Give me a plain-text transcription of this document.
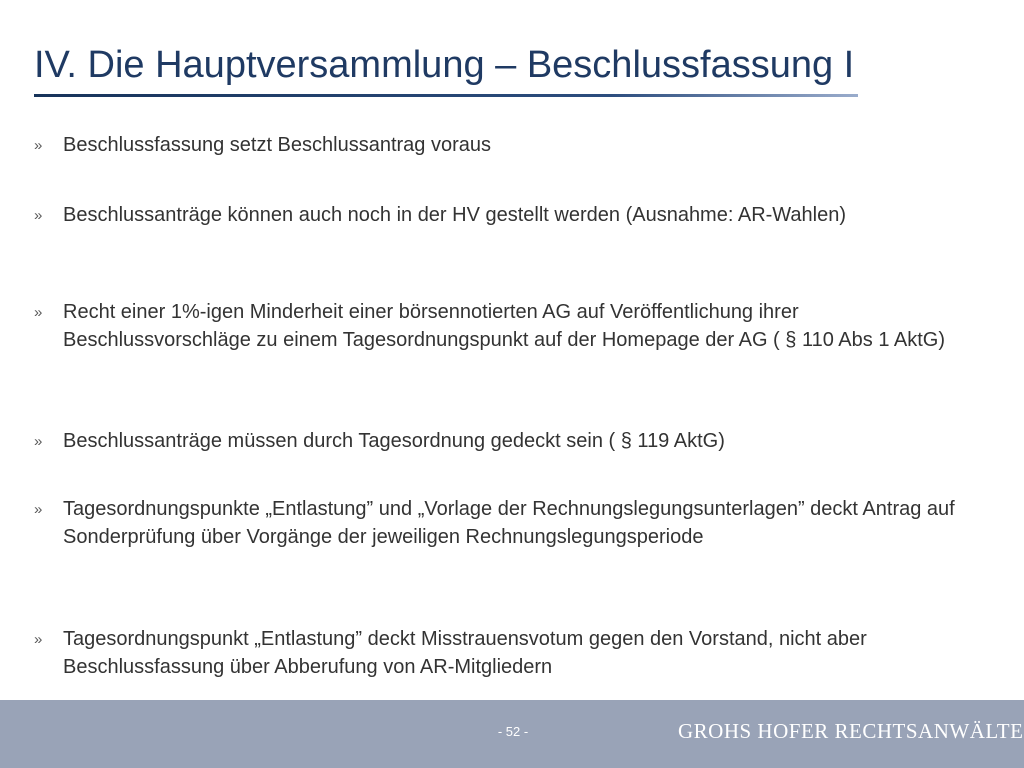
IV. Die Hauptversammlung – Beschlussfassung I
»	Beschlussfassung setzt Beschlussantrag voraus
»	Beschlussanträge können auch noch in der HV gestellt werden (Ausnahme: AR-Wahlen)
»	Recht einer 1%-igen Minderheit einer börsennotierten AG auf Veröffentlichung ihrer Beschlussvorschläge zu einem Tagesordnungspunkt auf der Homepage der AG ( § 110 Abs 1 AktG)
»	Beschlussanträge müssen durch Tagesordnung gedeckt sein ( § 119 AktG)
»	Tagesordnungspunkte „Entlastung” und „Vorlage der Rechnungslegungsunterlagen” deckt Antrag auf Sonderprüfung über Vorgänge der jeweiligen Rechnungslegungsperiode
»	Tagesordnungspunkt „Entlastung” deckt Misstrauensvotum gegen den Vorstand, nicht aber Beschlussfassung über Abberufung von AR-Mitgliedern
- 52 -	GROHS HOFER RECHTSANWÄLTE
